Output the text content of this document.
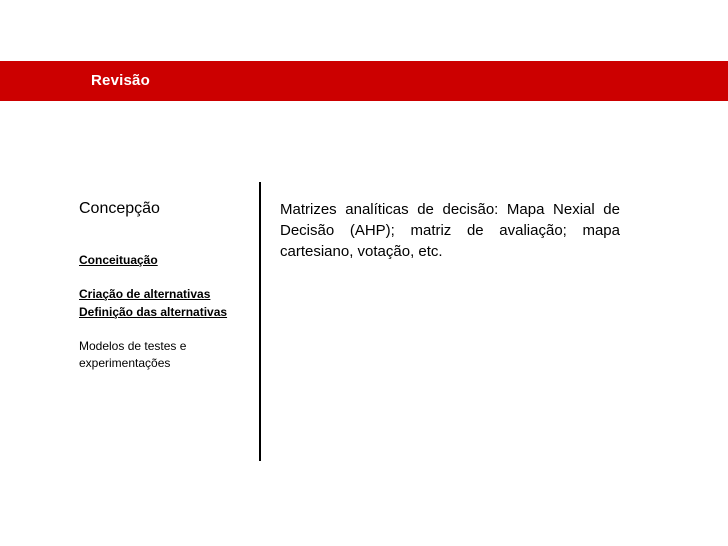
Revisão
Concepção
Conceituação
Criação de alternativas
Definição das alternativas
Modelos de testes e experimentações
Matrizes analíticas de decisão: Mapa Nexial de Decisão (AHP); matriz de avaliação; mapa cartesiano, votação, etc.
